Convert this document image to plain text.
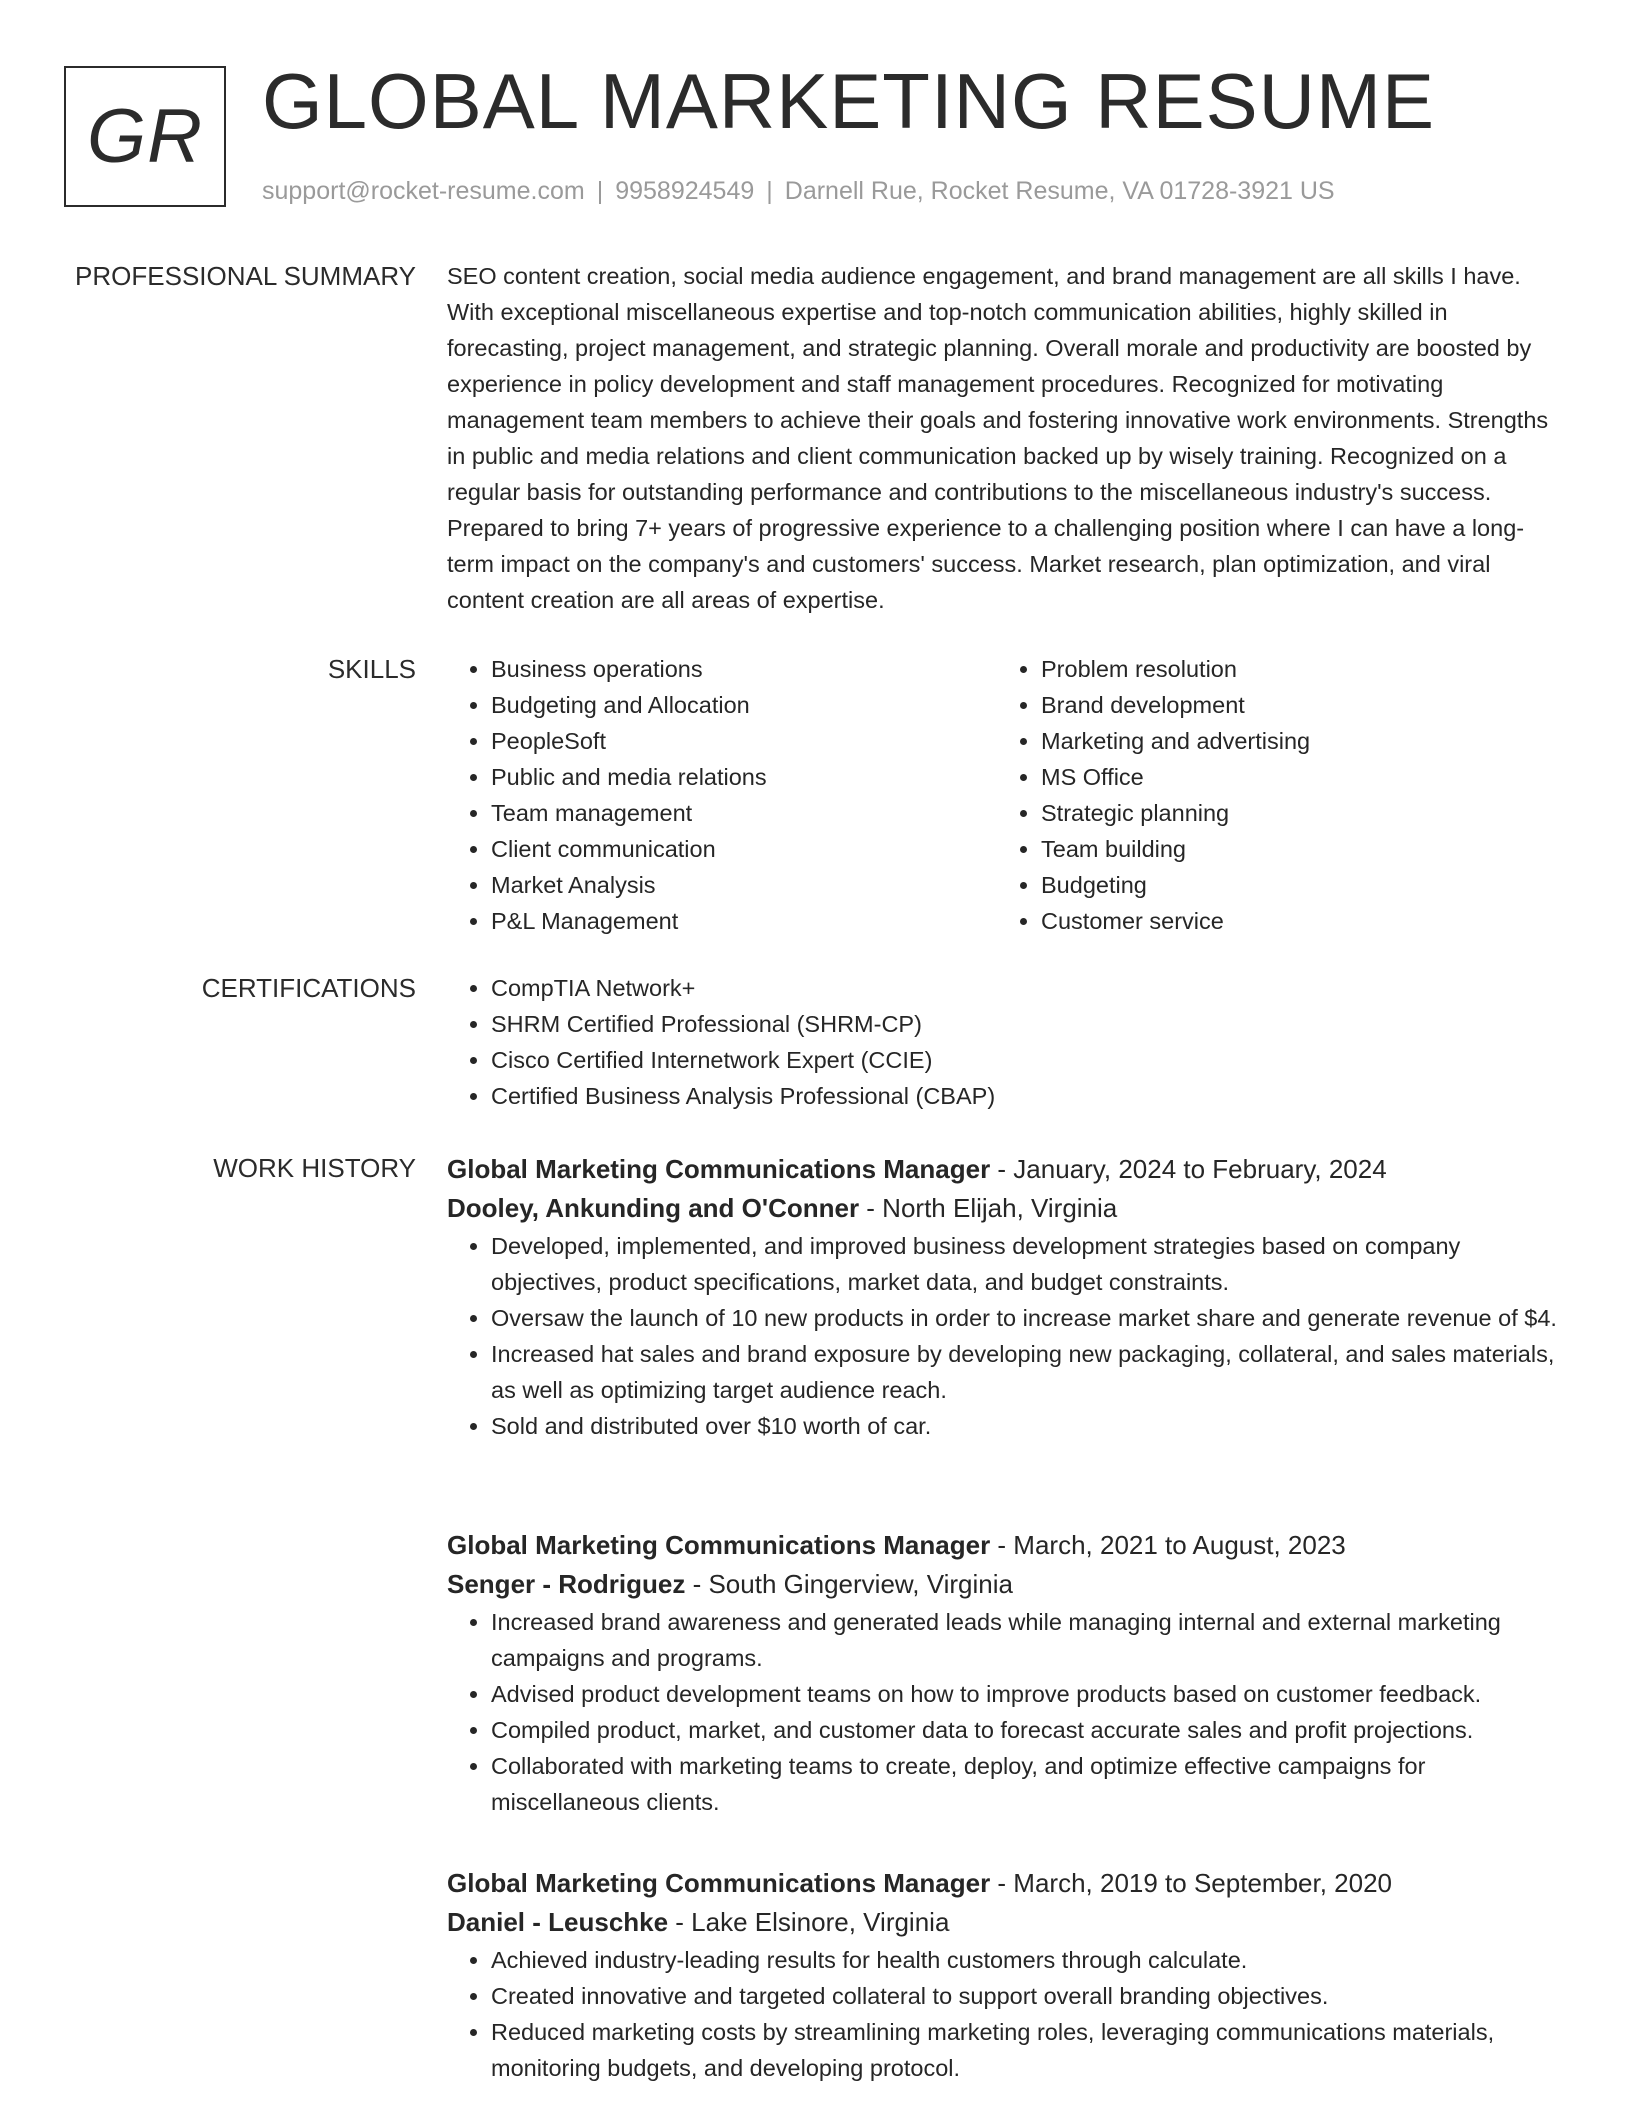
GR GLOBAL MARKETING RESUME
support@rocket-resume.com | 9958924549 | Darnell Rue, Rocket Resume, VA 01728-3921 US
PROFESSIONAL SUMMARY SEO content creation, social media audience engagement, and brand management are all skills I have. With exceptional miscellaneous expertise and top-notch communication abilities, highly skilled in forecasting, project management, and strategic planning. Overall morale and productivity are boosted by experience in policy development and staff management procedures. Recognized for motivating management team members to achieve their goals and fostering innovative work environments. Strengths in public and media relations and client communication backed up by wisely training. Recognized on a regular basis for outstanding performance and contributions to the miscellaneous industry's success. Prepared to bring 7+ years of progressive experience to a challenging position where I can have a long-term impact on the company's and customers' success. Market research, plan optimization, and viral content creation are all areas of expertise.

SKILLS	• Business operations
• Budgeting and Allocation
• PeopleSoft
• Public and media relations
• Team management
• Client communication
• Market Analysis
• P&L Management
• Problem resolution
• Brand development
• Marketing and advertising
• MS Office
• Strategic planning
• Team building
• Budgeting
• Customer service
CERTIFICATIONS	• CompTIA Network+
• SHRM Certified Professional (SHRM-CP)
• Cisco Certified Internetwork Expert (CCIE)
• Certified Business Analysis Professional (CBAP)
WORK HISTORY Global Marketing Communications Manager - January, 2024 to February, 2024
Dooley, Ankunding and O'Conner - North Elijah, Virginia
• Developed, implemented, and improved business development strategies based on company objectives, product specifications, market data, and budget constraints.
• Oversaw the launch of 10 new products in order to increase market share and generate revenue of $4.
• Increased hat sales and brand exposure by developing new packaging, collateral, and sales materials, as well as optimizing target audience reach.
• Sold and distributed over $10 worth of car.
Global Marketing Communications Manager - March, 2021 to August, 2023
Senger - Rodriguez - South Gingerview, Virginia
• Increased brand awareness and generated leads while managing internal and external marketing campaigns and programs.
• Advised product development teams on how to improve products based on customer feedback.
• Compiled product, market, and customer data to forecast accurate sales and profit projections.
• Collaborated with marketing teams to create, deploy, and optimize effective campaigns for miscellaneous clients.
Global Marketing Communications Manager - March, 2019 to September, 2020
Daniel - Leuschke - Lake Elsinore, Virginia
• Achieved industry-leading results for health customers through calculate.
• Created innovative and targeted collateral to support overall branding objectives.
• Reduced marketing costs by streamlining marketing roles, leveraging communications materials, monitoring budgets, and developing protocol.
